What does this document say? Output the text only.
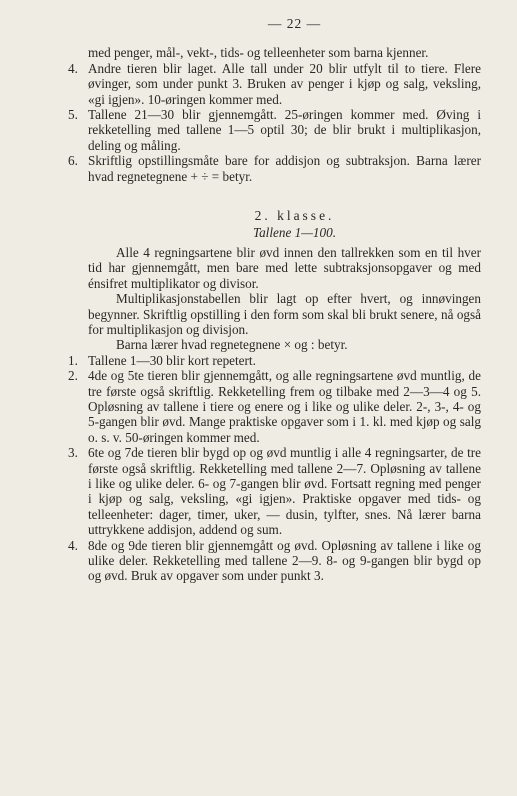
— 22 —

med penger, mål-, vekt-, tids- og telleenheter som barna kjenner.

4. Andre tieren blir laget. Alle tall under 20 blir utfylt til to tiere. Flere øvinger, som under punkt 3. Bruken av penger i kjøp og salg, veksling, «gi igjen». 10-øringen kommer med.
5. Tallene 21—30 blir gjennemgått. 25-øringen kommer med. Øving i rekketelling med tallene 1—5 optil 30; de blir brukt i multiplikasjon, deling og måling.
6. Skriftlig opstillingsmåte bare for addisjon og subtraksjon. Barna lærer hvad regnetegnene + ÷ = betyr.
2. klasse.
Tallene 1—100.

Alle 4 regningsartene blir øvd innen den tallrekken som en til hver tid har gjennemgått, men bare med lette subtraksjonsopgaver og med énsifret multiplikator og divisor.

Multiplikasjonstabellen blir lagt op efter hvert, og innøvingen begynner. Skriftlig opstilling i den form som skal bli brukt senere, nå også for multiplikasjon og divisjon.

Barna lærer hvad regnetegnene × og : betyr.

1. Tallene 1—30 blir kort repetert.
2. 4de og 5te tieren blir gjennemgått, og alle regningsartene øvd muntlig, de tre første også skriftlig. Rekketelling frem og tilbake med 2—3—4 og 5. Opløsning av tallene i tiere og enere og i like og ulike deler. 2-, 3-, 4- og 5-gangen blir øvd. Mange praktiske opgaver som i 1. kl. med kjøp og salg o. s. v. 50-øringen kommer med.
3. 6te og 7de tieren blir bygd op og øvd muntlig i alle 4 regningsarter, de tre første også skriftlig. Rekketelling med tallene 2—7. Opløsning av tallene i like og ulike deler. 6- og 7-gangen blir øvd. Fortsatt regning med penger i kjøp og salg, veksling, «gi igjen». Praktiske opgaver med tids- og telleenheter: dager, timer, uker, — dusin, tylfter, snes. Nå lærer barna uttrykkene addisjon, addend og sum.
4. 8de og 9de tieren blir gjennemgått og øvd. Opløsning av tallene i like og ulike deler. Rekketelling med tallene 2—9. 8- og 9-gangen blir bygd op og øvd. Bruk av opgaver som under punkt 3.
